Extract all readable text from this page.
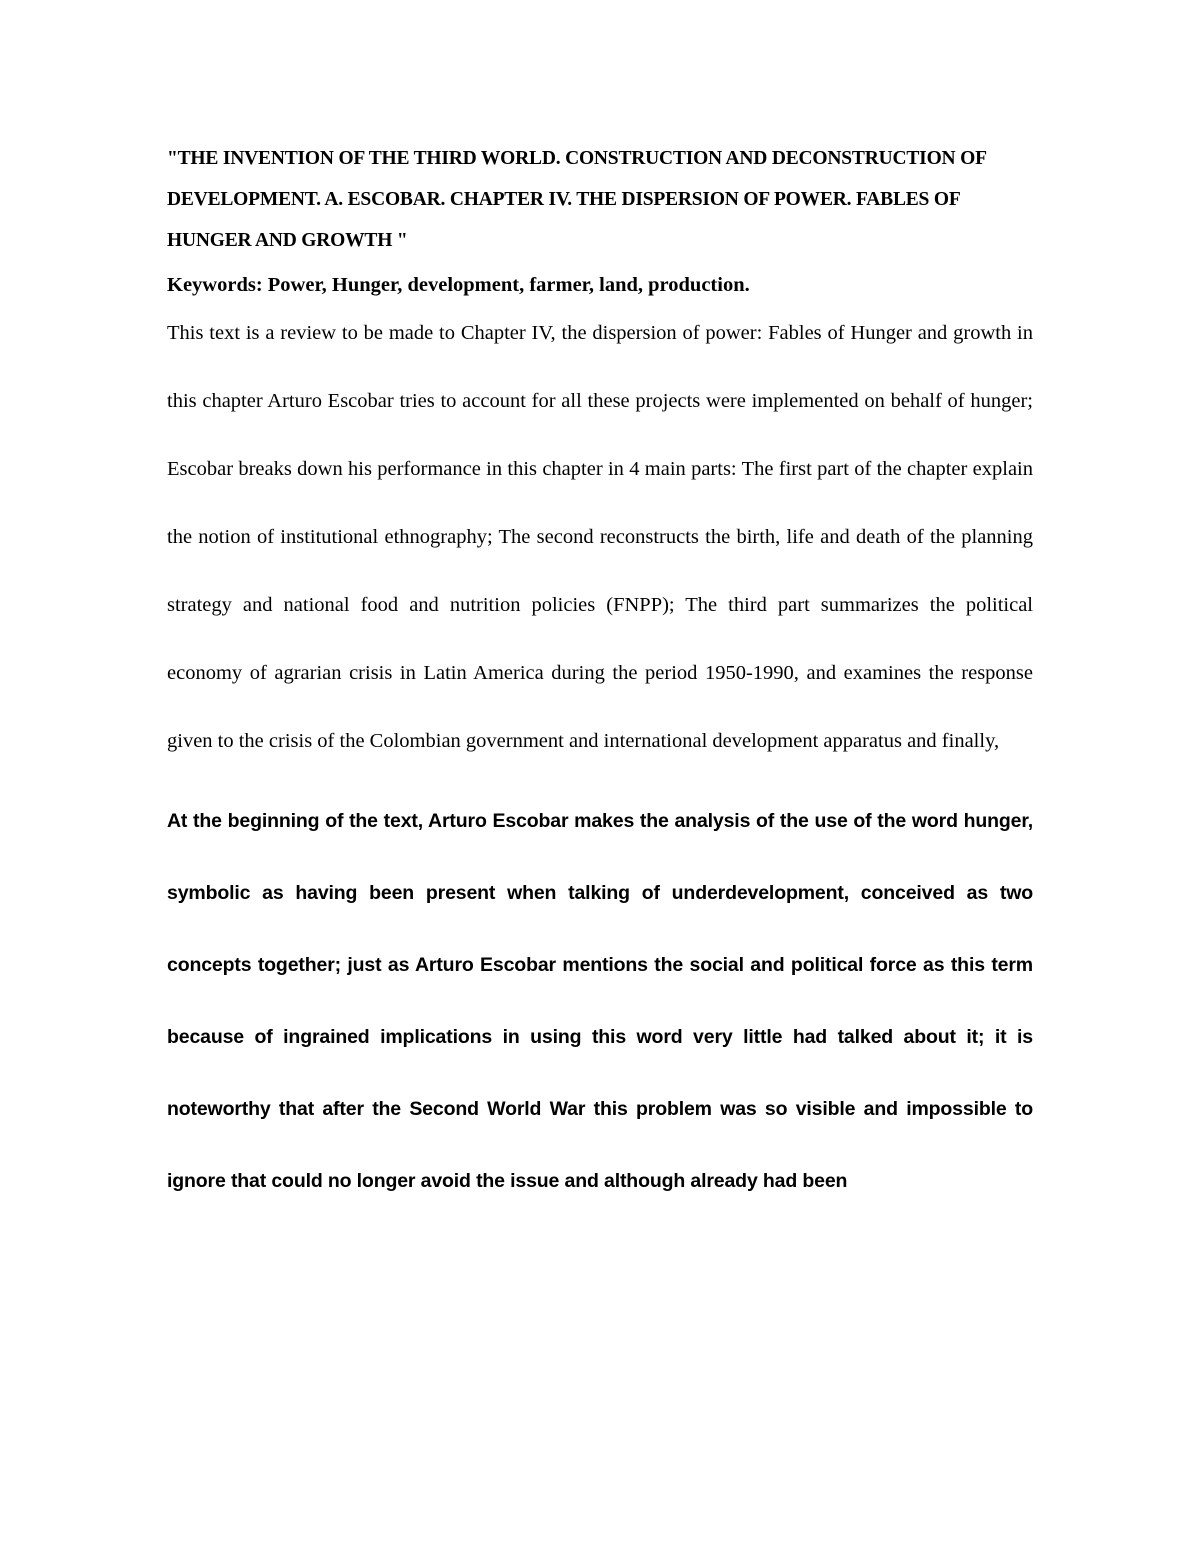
"THE INVENTION OF THE THIRD WORLD. CONSTRUCTION AND DECONSTRUCTION OF DEVELOPMENT. A. ESCOBAR. CHAPTER IV. THE DISPERSION OF POWER. FABLES OF HUNGER AND GROWTH "

Keywords: Power, Hunger, development, farmer, land, production.

This text is a review to be made to Chapter IV, the dispersion of power: Fables of Hunger and growth in this chapter Arturo Escobar tries to account for all these projects were implemented on behalf of hunger; Escobar breaks down his performance in this chapter in 4 main parts: The first part of the chapter explain the notion of institutional ethnography; The second reconstructs the birth, life and death of the planning strategy and national food and nutrition policies (FNPP); The third part summarizes the political economy of agrarian crisis in Latin America during the period 1950-1990, and examines the response given to the crisis of the Colombian government and international development apparatus and finally,

At the beginning of the text, Arturo Escobar makes the analysis of the use of the word hunger, symbolic as having been present when talking of underdevelopment, conceived as two concepts together; just as Arturo Escobar mentions the social and political force as this term because of ingrained implications in using this word very little had talked about it; it is noteworthy that after the Second World War this problem was so visible and impossible to ignore that could no longer avoid the issue and although already had been
